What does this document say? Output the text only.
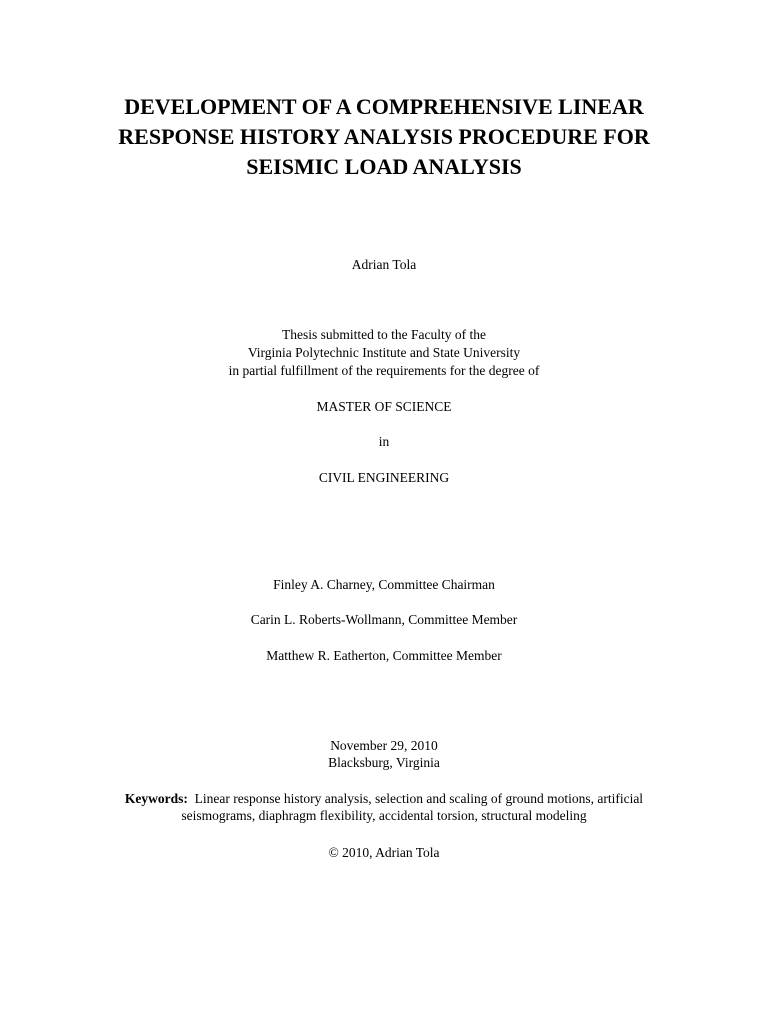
DEVELOPMENT OF A COMPREHENSIVE LINEAR
RESPONSE HISTORY ANALYSIS PROCEDURE FOR
SEISMIC LOAD ANALYSIS
Adrian Tola
Thesis submitted to the Faculty of the
Virginia Polytechnic Institute and State University
in partial fulfillment of the requirements for the degree of
MASTER OF SCIENCE
in
CIVIL ENGINEERING
Finley A. Charney, Committee Chairman
Carin L. Roberts-Wollmann, Committee Member
Matthew R. Eatherton, Committee Member
November 29, 2010
Blacksburg, Virginia
Keywords: Linear response history analysis, selection and scaling of ground motions, artificial
seismograms, diaphragm flexibility, accidental torsion, structural modeling
© 2010, Adrian Tola
